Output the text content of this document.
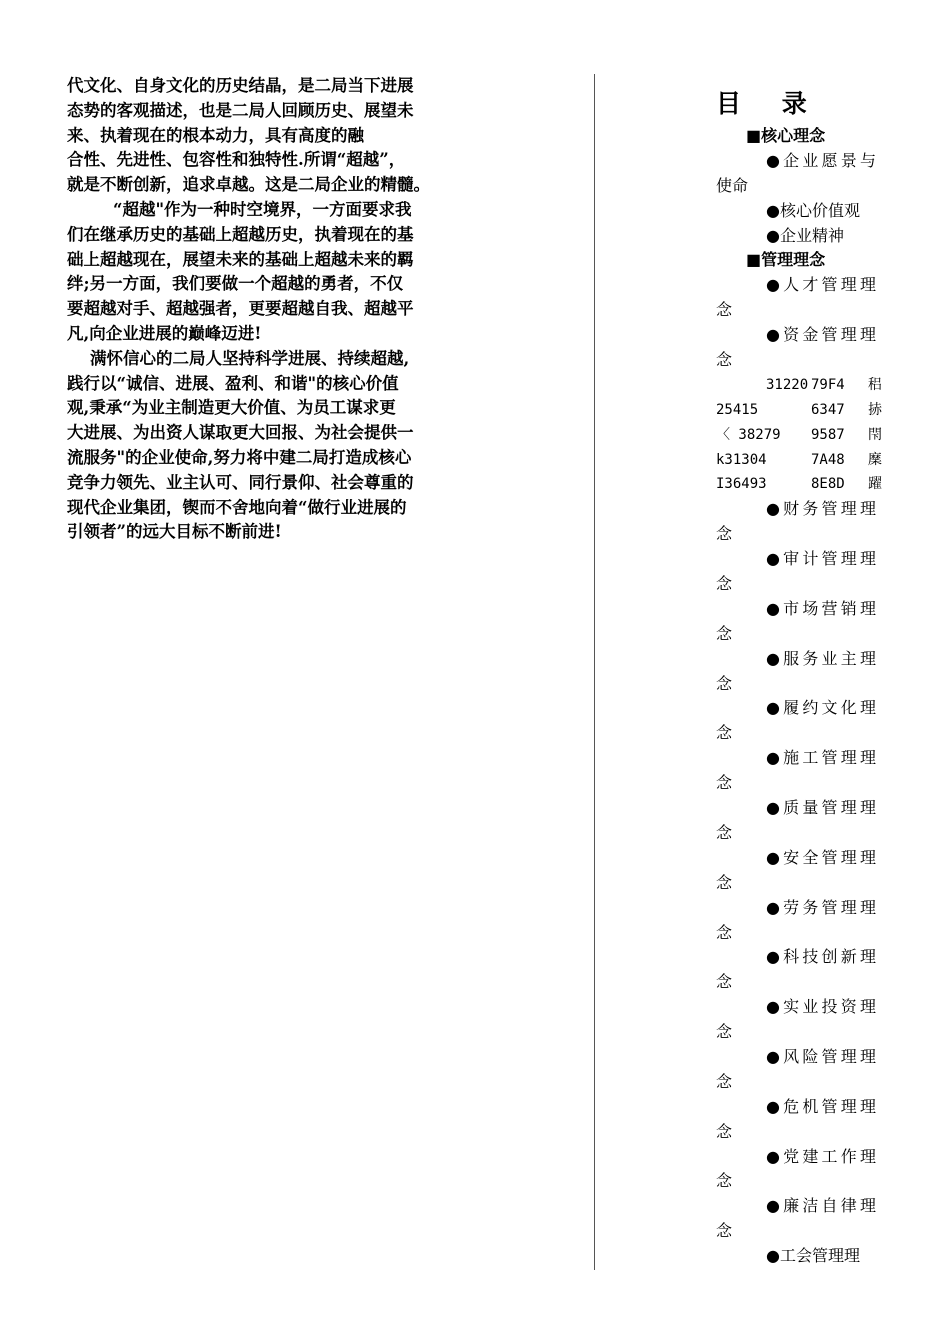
代文化、自身文化的历史结晶，是二局当下进展
态势的客观描述，也是二局人回顾历史、展望未
来、执着现在的根本动力，具有高度的融
合性、先进性、包容性和独特性.所谓“超越”，
就是不断创新，追求卓越。这是二局企业的精髓。
“超越"作为一种时空境界，一方面要求我
们在继承历史的基础上超越历史，执着现在的基
础上超越现在，展望未来的基础上超越未来的羁
绊;另一方面，我们要做一个超越的勇者，不仅
要超越对手、超越强者，更要超越自我、超越平
凡,向企业进展的巅峰迈进!
满怀信心的二局人坚持科学进展、持续超越,
践行以“诚信、进展、盈利、和谐"的核心价值
观,秉承“为业主制造更大价值、为员工谋求更
大进展、为出资人谋取更大回报、为社会提供一
流服务"的企业使命,努力将中建二局打造成核心
竞争力领先、业主认可、同行景仰、社会尊重的
现代企业集团，锲而不舍地向着“做行业进展的
引领者”的远大目标不断前进!
目 录
■核心理念
●企业愿景与
使命
●核心价值观
●企业精神
■管理理念
●人才管理理
念
●资金管理理
念
31220 79F4 稆
25415	6347 捇
〈 38279 9587 閇
k31304	7A48 穈
I36493	8E8D 躍
●财务管理理
念
●审计管理理
念
●市场营销理
念
●服务业主理
念
●履约文化理
念
●施工管理理
念
●质量管理理
念
●安全管理理
念
●劳务管理理
念
●科技创新理
念
●实业投资理
念
●风险管理理
念
●危机管理理
念
●党建工作理
念
●廉洁自律理
念
●工会管理理
